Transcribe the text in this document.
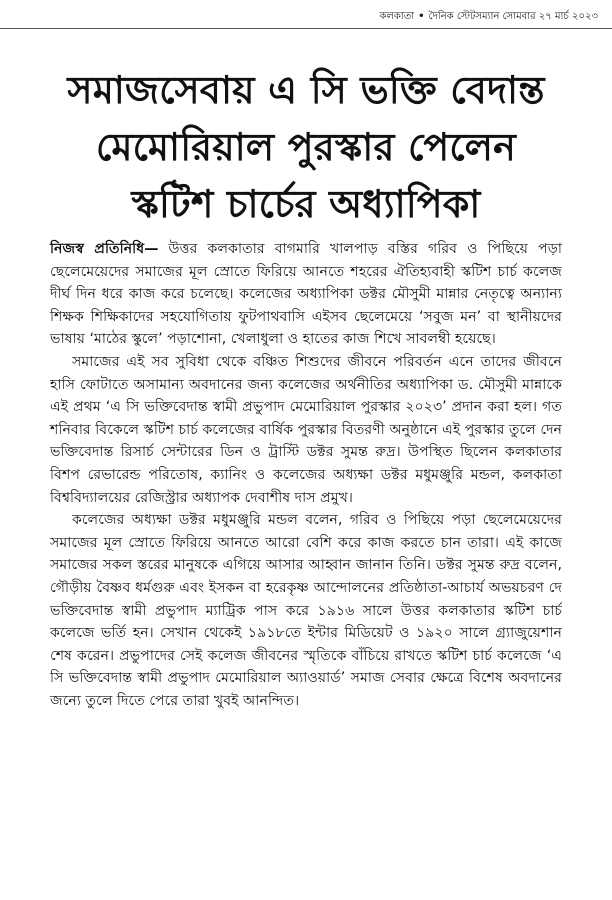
কলকাতা • দৈনিক স্টেটসম্যান সোমবার ২৭ মার্চ ২০২৩
সমাজসেবায় এ সি ভক্তি বেদান্ত
মেমোরিয়াল পুরস্কার পেলেন
স্কটিশ চার্চের অধ্যাপিকা

নিজস্ব প্রতিনিধি— উত্তর কলকাতার বাগমারি খালপাড় বস্তির গরিব ও পিছিয়ে পড়া ছেলেমেয়েদের সমাজের মূল স্রোতে ফিরিয়ে আনতে শহরের ঐতিহ্যবাহী স্কটিশ চার্চ কলেজ দীর্ঘ দিন ধরে কাজ করে চলেছে। কলেজের অধ্যাপিকা ডক্টর মৌসুমী মান্নার নেতৃত্বে অন্যান্য শিক্ষক শিক্ষিকাদের সহযোগিতায় ফুটপাথবাসি এইসব ছেলেমেয়ে ‘সবুজ মন’ বা স্থানীয়দের ভাষায় ‘মাঠের স্কুলে’ পড়াশোনা, খেলাধুলা ও হাতের কাজ শিখে সাবলম্বী হয়েছে।

সমাজের এই সব সুবিধা থেকে বঞ্চিত শিশুদের জীবনে পরিবর্তন এনে তাদের জীবনে হাসি ফোটাতে অসামান্য অবদানের জন্য কলেজের অর্থনীতির অধ্যাপিকা ড. মৌসুমী মান্নাকে এই প্রথম ‘এ সি ভক্তিবেদান্ত স্বামী প্রভুপাদ মেমোরিয়াল পুরস্কার ২০২৩’ প্রদান করা হল। গত শনিবার বিকেলে স্কটিশ চার্চ কলেজের বার্ষিক পুরস্কার বিতরণী অনুষ্ঠানে এই পুরস্কার তুলে দেন ভক্তিবেদান্ত রিসার্চ সেন্টারের ডিন ও ট্রাস্টি ডক্টর সুমন্ত রুদ্র। উপস্থিত ছিলেন কলকাতার বিশপ রেভারেন্ড পরিতোষ, ক্যানিং ও কলেজের অধ্যক্ষা ডক্টর মধুমঞ্জুরি মন্ডল, কলকাতা বিশ্ববিদ্যালয়ের রেজিস্ট্রার অধ্যাপক দেবাশীষ দাস প্রমুখ।

কলেজের অধ্যক্ষা ডক্টর মধুমঞ্জুরি মন্ডল বলেন, গরিব ও পিছিয়ে পড়া ছেলেমেয়েদের সমাজের মূল স্রোতে ফিরিয়ে আনতে আরো বেশি করে কাজ করতে চান তারা। এই কাজে সমাজের সকল স্তরের মানুষকে এগিয়ে আসার আহ্বান জানান তিনি। ডক্টর সুমন্ত রুদ্র বলেন, গৌড়ীয় বৈষ্ণব ধর্মগুরু এবং ইসকন বা হরেকৃষ্ণ আন্দোলনের প্রতিষ্ঠাতা-আচার্য অভয়চরণ দে ভক্তিবেদান্ত স্বামী প্রভুপাদ ম্যাট্রিক পাস করে ১৯১৬ সালে উত্তর কলকাতার স্কটিশ চার্চ কলেজে ভর্তি হন। সেখান থেকেই ১৯১৮তে ইন্টার মিডিয়েট ও ১৯২০ সালে গ্র্যাজুয়েশান শেষ করেন। প্রভুপাদের সেই কলেজ জীবনের স্মৃতিকে বাঁচিয়ে রাখতে স্কটিশ চার্চ কলেজে ‘এ সি ভক্তিবেদান্ত স্বামী প্রভুপাদ মেমোরিয়াল অ্যাওয়ার্ড’ সমাজ সেবার ক্ষেত্রে বিশেষ অবদানের জন্যে তুলে দিতে পেরে তারা খুবই আনন্দিত।
